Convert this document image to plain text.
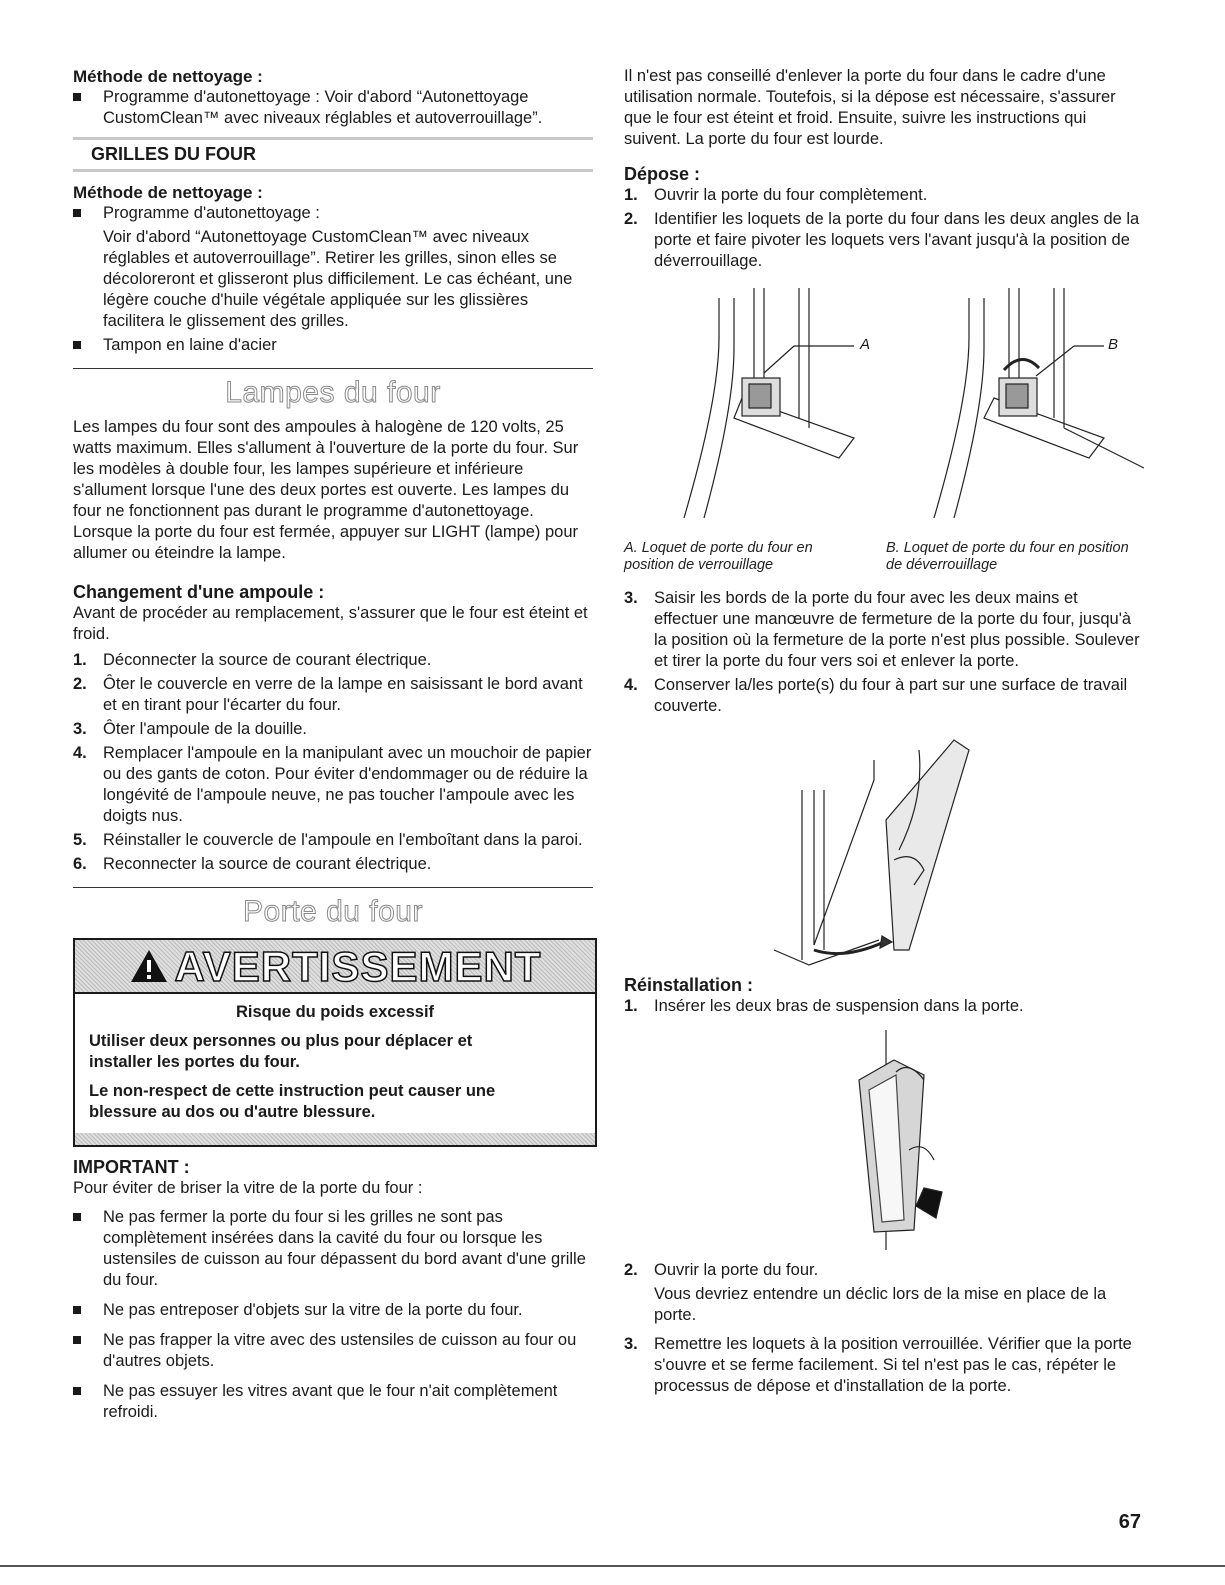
Méthode de nettoyage :

Programme d'autonettoyage : Voir d'abord “Autonettoyage CustomClean™ avec niveaux réglables et autoverrouillage”.

GRILLES DU FOUR

Méthode de nettoyage :

Programme d'autonettoyage :

Voir d'abord “Autonettoyage CustomClean™ avec niveaux réglables et autoverrouillage”. Retirer les grilles, sinon elles se décoloreront et glisseront plus difficilement. Le cas échéant, une légère couche d'huile végétale appliquée sur les glissières facilitera le glissement des grilles.

Tampon en laine d'acier

Lampes du four

Les lampes du four sont des ampoules à halogène de 120 volts, 25 watts maximum. Elles s'allument à l'ouverture de la porte du four. Sur les modèles à double four, les lampes supérieure et inférieure s'allument lorsque l'une des deux portes est ouverte. Les lampes du four ne fonctionnent pas durant le programme d'autonettoyage. Lorsque la porte du four est fermée, appuyer sur LIGHT (lampe) pour allumer ou éteindre la lampe.

Changement d'une ampoule :

Avant de procéder au remplacement, s'assurer que le four est éteint et froid.

1. Déconnecter la source de courant électrique.

2. Ôter le couvercle en verre de la lampe en saisissant le bord avant et en tirant pour l'écarter du four.

3. Ôter l'ampoule de la douille.

4. Remplacer l'ampoule en la manipulant avec un mouchoir de papier ou des gants de coton. Pour éviter d'endommager ou de réduire la longévité de l'ampoule neuve, ne pas toucher l'ampoule avec les doigts nus.

5. Réinstaller le couvercle de l'ampoule en l'emboîtant dans la paroi.

6. Reconnecter la source de courant électrique.

Porte du four
AVERTISSEMENT

Risque du poids excessif

Utiliser deux personnes ou plus pour déplacer et installer les portes du four.

Le non-respect de cette instruction peut causer une blessure au dos ou d'autre blessure.

IMPORTANT :

Pour éviter de briser la vitre de la porte du four :

Ne pas fermer la porte du four si les grilles ne sont pas complètement insérées dans la cavité du four ou lorsque les ustensiles de cuisson au four dépassent du bord avant d'une grille du four.

Ne pas entreposer d'objets sur la vitre de la porte du four.

Ne pas frapper la vitre avec des ustensiles de cuisson au four ou d'autres objets.

Ne pas essuyer les vitres avant que le four n'ait complètement refroidi.

Il n'est pas conseillé d'enlever la porte du four dans le cadre d'une utilisation normale. Toutefois, si la dépose est nécessaire, s'assurer que le four est éteint et froid. Ensuite, suivre les instructions qui suivent. La porte du four est lourde.

Dépose :

1. Ouvrir la porte du four complètement.

2. Identifier les loquets de la porte du four dans les deux angles de la porte et faire pivoter les loquets vers l'avant jusqu'à la position de déverrouillage.

A	B

A. Loquet de porte du four en position de verrouillage

B. Loquet de porte du four en position de déverrouillage

3. Saisir les bords de la porte du four avec les deux mains et effectuer une manœuvre de fermeture de la porte du four, jusqu'à la position où la fermeture de la porte n'est plus possible. Soulever et tirer la porte du four vers soi et enlever la porte.

4. Conserver la/les porte(s) du four à part sur une surface de travail couverte.

Réinstallation :

1. Insérer les deux bras de suspension dans la porte.

2. Ouvrir la porte du four.

Vous devriez entendre un déclic lors de la mise en place de la porte.

3. Remettre les loquets à la position verrouillée. Vérifier que la porte s'ouvre et se ferme facilement. Si tel n'est pas le cas, répéter le processus de dépose et d'installation de la porte.

67
